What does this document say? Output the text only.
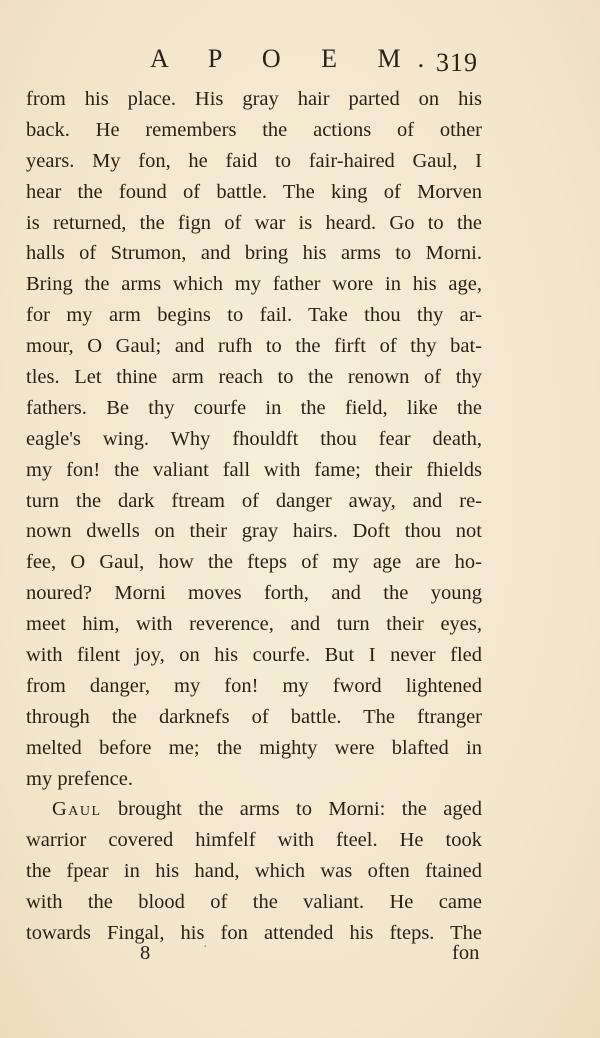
A P O E M.
319
from his place. His gray hair parted on his
back. He remembers the actions of other
years. My fon, he faid to fair-haired Gaul, I
hear the found of battle. The king of Morven
is returned, the fign of war is heard. Go to the
halls of Strumon, and bring his arms to Morni.
Bring the arms which my father wore in his age,
for my arm begins to fail. Take thou thy ar-
mour, O Gaul; and rufh to the firft of thy bat-
tles. Let thine arm reach to the renown of thy
fathers. Be thy courfe in the field, like the
eagle's wing. Why fhouldft thou fear death,
my fon! the valiant fall with fame; their fhields
turn the dark ftream of danger away, and re-
nown dwells on their gray hairs. Doft thou not
fee, O Gaul, how the fteps of my age are ho-
noured? Morni moves forth, and the young
meet him, with reverence, and turn their eyes,
with filent joy, on his courfe. But I never fled
from danger, my fon! my fword lightened
through the darknefs of battle. The ftranger
melted before me; the mighty were blafted in
my prefence.
Gaul brought the arms to Morni: the aged
warrior covered himfelf with fteel. He took
the fpear in his hand, which was often ftained
with the blood of the valiant. He came
towards Fingal, his fon attended his fteps. The
8	·	fon
